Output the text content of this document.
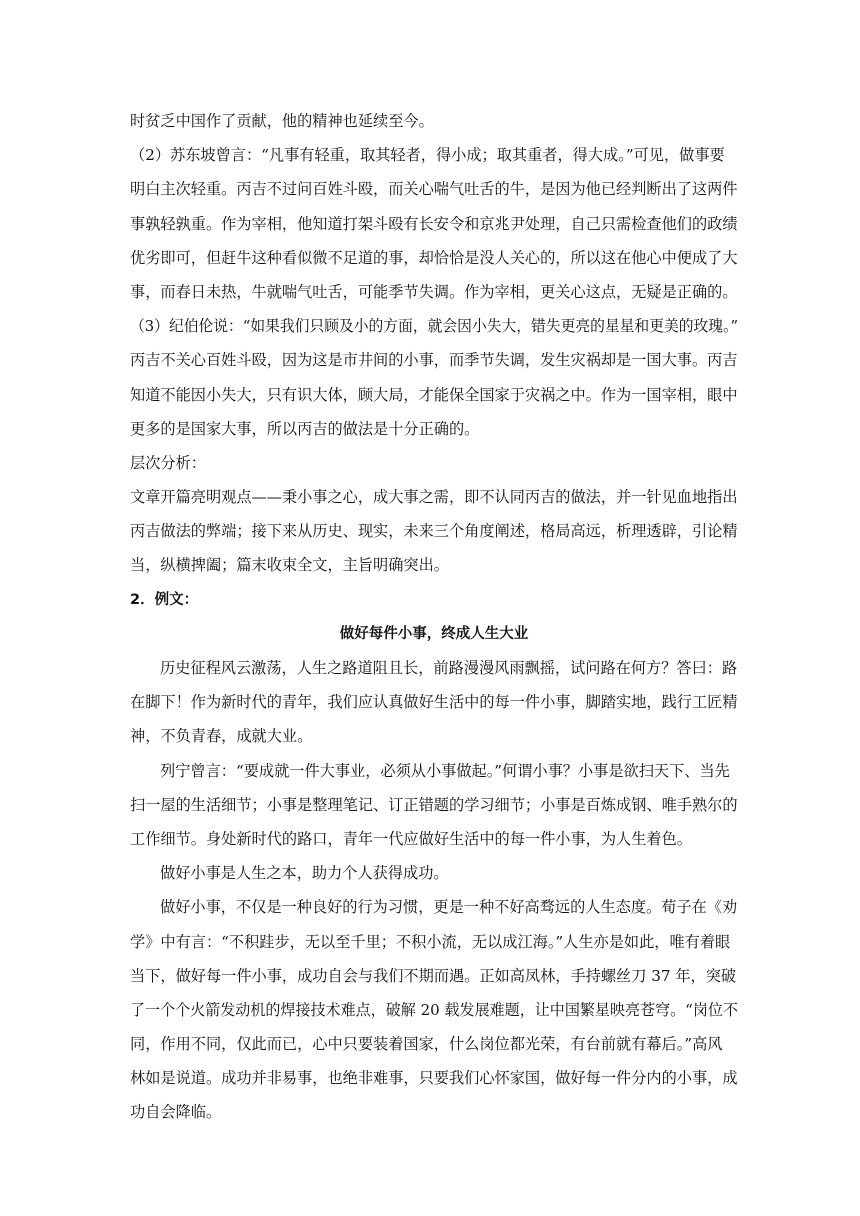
时贫乏中国作了贡献，他的精神也延续至今。
（2）苏东坡曾言：“凡事有轻重，取其轻者，得小成；取其重者，得大成。”可见，做事要
明白主次轻重。丙吉不过问百姓斗殴，而关心喘气吐舌的牛，是因为他已经判断出了这两件
事孰轻孰重。作为宰相，他知道打架斗殴有长安令和京兆尹处理，自己只需检查他们的政绩
优劣即可，但赶牛这种看似微不足道的事，却恰恰是没人关心的，所以这在他心中便成了大
事，而春日未热，牛就喘气吐舌，可能季节失调。作为宰相，更关心这点，无疑是正确的。
（3）纪伯伦说：“如果我们只顾及小的方面，就会因小失大，错失更亮的星星和更美的玫瑰。”
丙吉不关心百姓斗殴，因为这是市井间的小事，而季节失调，发生灾祸却是一国大事。丙吉
知道不能因小失大，只有识大体，顾大局，才能保全国家于灾祸之中。作为一国宰相，眼中
更多的是国家大事，所以丙吉的做法是十分正确的。
层次分析：
文章开篇亮明观点——秉小事之心，成大事之需，即不认同丙吉的做法，并一针见血地指出
丙吉做法的弊端；接下来从历史、现实，未来三个角度阐述，格局高远，析理透辟，引论精
当，纵横捭阖；篇末收束全文，主旨明确突出。
2．例文：
做好每件小事，终成人生大业
历史征程风云激荡，人生之路道阻且长，前路漫漫风雨飘摇，试问路在何方？答曰：路
在脚下！作为新时代的青年，我们应认真做好生活中的每一件小事，脚踏实地，践行工匠精
神，不负青春，成就大业。
列宁曾言：“要成就一件大事业，必须从小事做起。”何谓小事？小事是欲扫天下、当先
扫一屋的生活细节；小事是整理笔记、订正错题的学习细节；小事是百炼成钢、唯手熟尔的
工作细节。身处新时代的路口，青年一代应做好生活中的每一件小事，为人生着色。
做好小事是人生之本，助力个人获得成功。
做好小事，不仅是一种良好的行为习惯，更是一种不好高骛远的人生态度。荀子在《劝
学》中有言：“不积跬步，无以至千里；不积小流，无以成江海。”人生亦是如此，唯有着眼
当下，做好每一件小事，成功自会与我们不期而遇。正如高凤林，手持螺丝刀 37 年，突破
了一个个火箭发动机的焊接技术难点，破解 20 载发展难题，让中国繁星映亮苍穹。“岗位不
同，作用不同，仅此而已，心中只要装着国家，什么岗位都光荣，有台前就有幕后。”高风
林如是说道。成功并非易事，也绝非难事，只要我们心怀家国，做好每一件分内的小事，成
功自会降临。
